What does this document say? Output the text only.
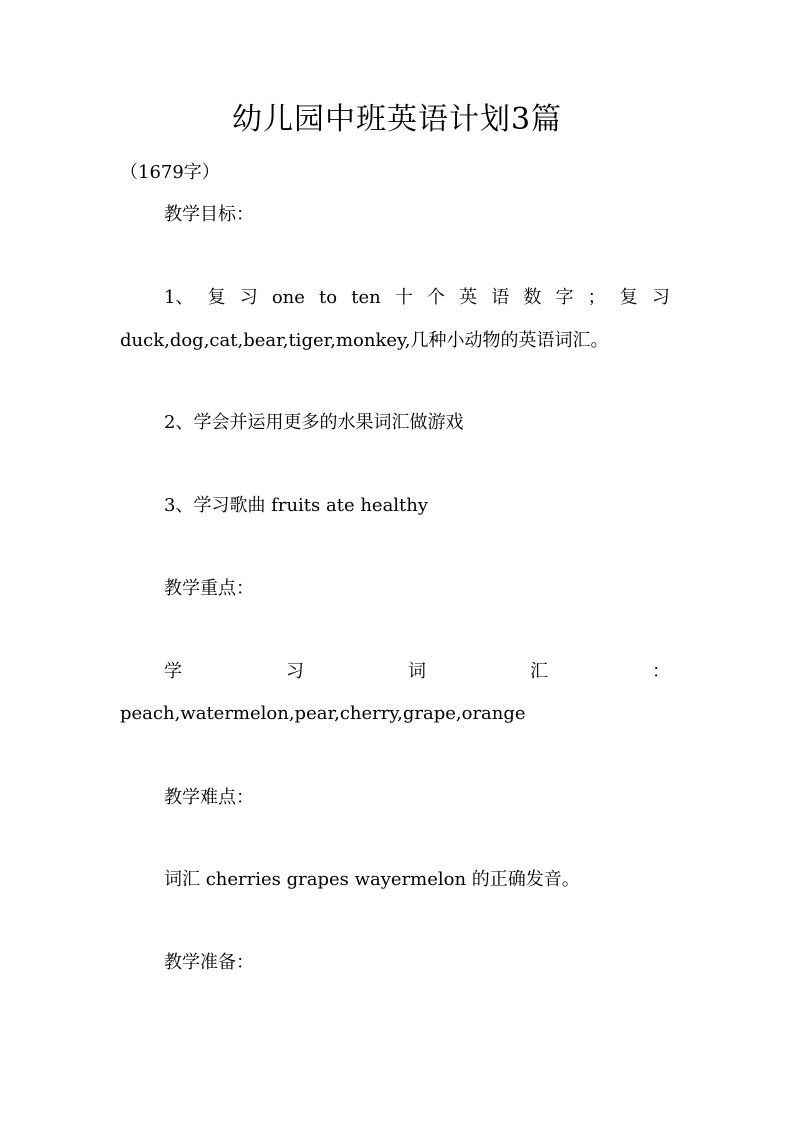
幼儿园中班英语计划3篇

（1679字）

教学目标：

1、 复 习 one to ten 十 个 英 语 数 字 ； 复 习

duck,dog,cat,bear,tiger,monkey,几种小动物的英语词汇。

2、学会并运用更多的水果词汇做游戏

3、学习歌曲 fruits ate healthy

教学重点：

学	习	词	汇	：

peach,watermelon,pear,cherry,grape,orange

教学难点：

词汇 cherries grapes wayermelon 的正确发音。

教学准备：
